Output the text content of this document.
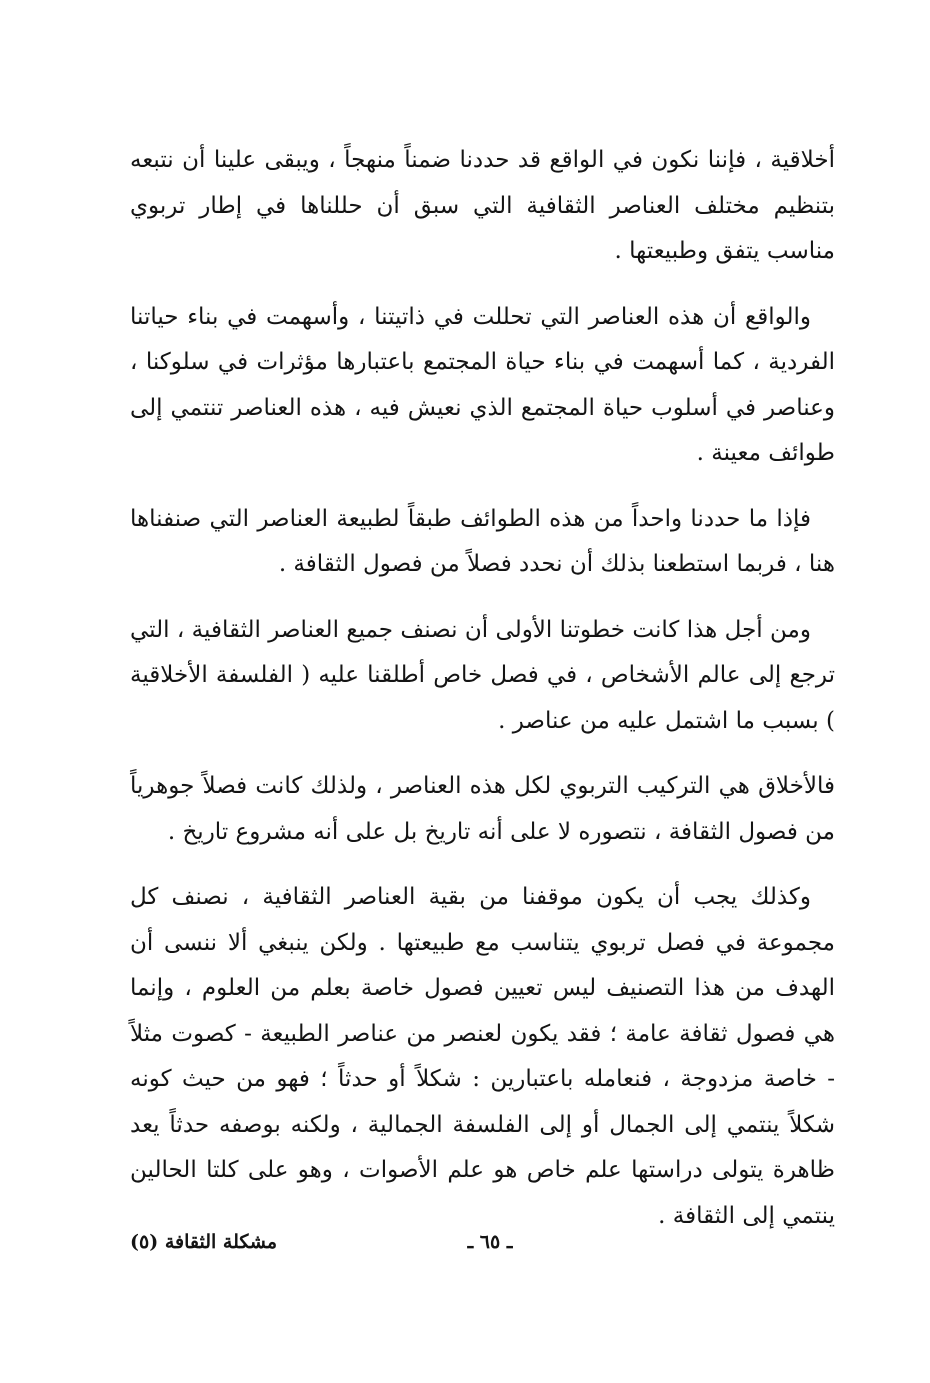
أخلاقية ، فإننا نكون في الواقع قد حددنا ضمناً منهجاً ، ويبقى علينا أن نتبعه بتنظيم مختلف العناصر الثقافية التي سبق أن حللناها في إطار تربوي مناسب يتفق وطبيعتها .

والواقع أن هذه العناصر التي تحللت في ذاتيتنا ، وأسهمت في بناء حياتنا الفردية ، كما أسهمت في بناء حياة المجتمع باعتبارها مؤثرات في سلوكنا ، وعناصر في أسلوب حياة المجتمع الذي نعيش فيه ، هذه العناصر تنتمي إلى طوائف معينة .

فإذا ما حددنا واحداً من هذه الطوائف طبقاً لطبيعة العناصر التي صنفناها هنا ، فربما استطعنا بذلك أن نحدد فصلاً من فصول الثقافة .

ومن أجل هذا كانت خطوتنا الأولى أن نصنف جميع العناصر الثقافية ، التي ترجع إلى عالم الأشخاص ، في فصل خاص أطلقنا عليه ( الفلسفة الأخلاقية ) بسبب ما اشتمل عليه من عناصر .

فالأخلاق هي التركيب التربوي لكل هذه العناصر ، ولذلك كانت فصلاً جوهرياً من فصول الثقافة ، نتصوره لا على أنه تاريخ بل على أنه مشروع تاريخ .

وكذلك يجب أن يكون موقفنا من بقية العناصر الثقافية ، نصنف كل مجموعة في فصل تربوي يتناسب مع طبيعتها . ولكن ينبغي ألا ننسى أن الهدف من هذا التصنيف ليس تعيين فصول خاصة بعلم من العلوم ، وإنما هي فصول ثقافة عامة ؛ فقد يكون لعنصر من عناصر الطبيعة - كصوت مثلاً - خاصة مزدوجة ، فنعامله باعتبارين : شكلاً أو حدثاً ؛ فهو من حيث كونه شكلاً ينتمي إلى الجمال أو إلى الفلسفة الجمالية ، ولكنه بوصفه حدثاً يعد ظاهرة يتولى دراستها علم خاص هو علم الأصوات ، وهو على كلتا الحالين ينتمي إلى الثقافة .

مشكلة الثقافة (٥)	ـ ٦٥ ـ
